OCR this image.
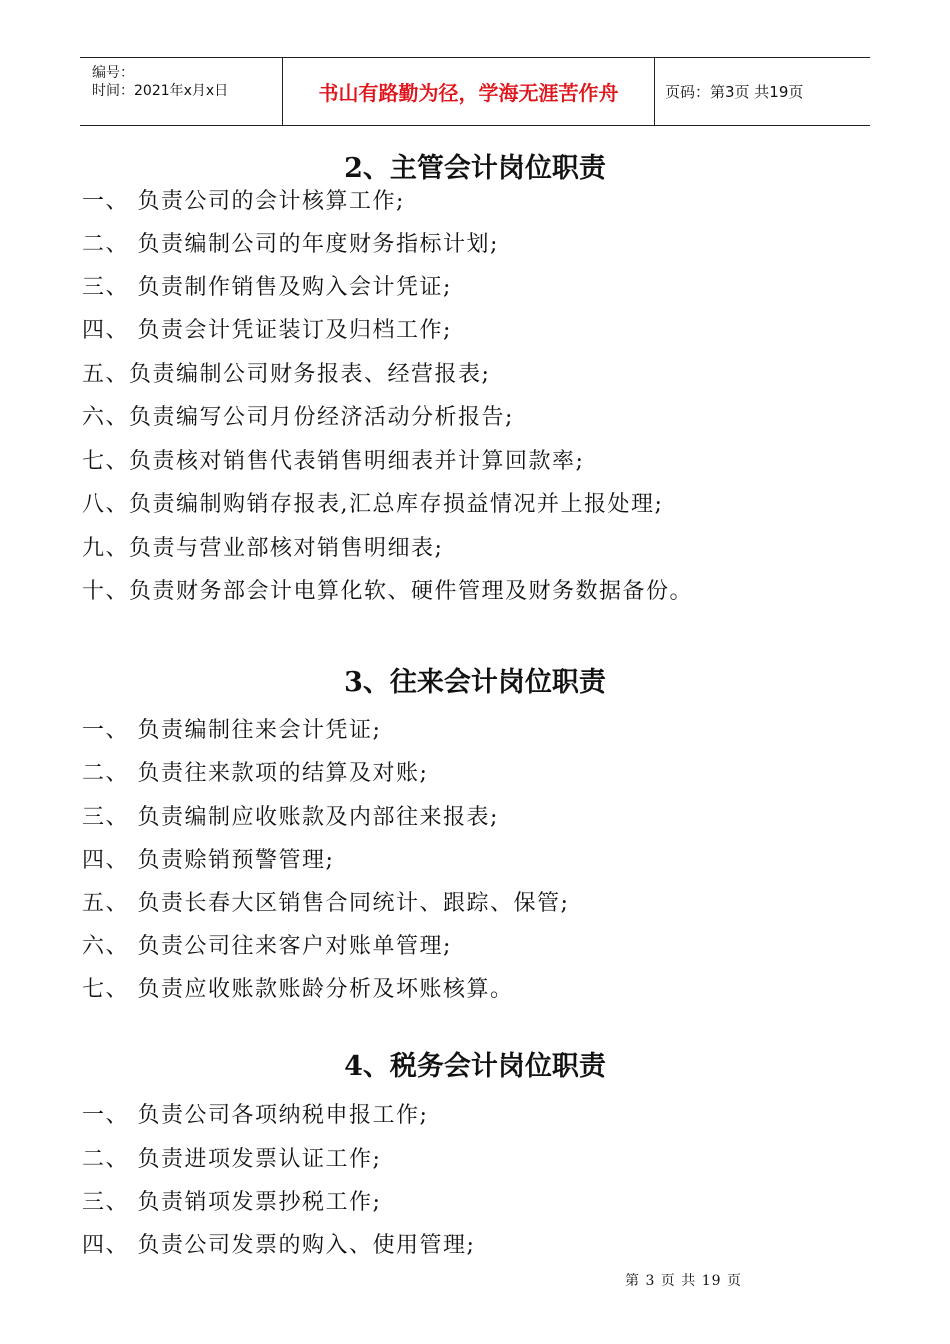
编号：
时间：2021年x月x日	书山有路勤为径，学海无涯苦作舟	页码：第3页 共19页
2、主管会计岗位职责
一、 负责公司的会计核算工作;
二、 负责编制公司的年度财务指标计划;
三、 负责制作销售及购入会计凭证;
四、 负责会计凭证装订及归档工作;
五、负责编制公司财务报表、经营报表;
六、负责编写公司月份经济活动分析报告;
七、负责核对销售代表销售明细表并计算回款率;
八、负责编制购销存报表,汇总库存损益情况并上报处理;
九、负责与营业部核对销售明细表;
十、负责财务部会计电算化软、硬件管理及财务数据备份。
3、往来会计岗位职责
一、 负责编制往来会计凭证;
二、 负责往来款项的结算及对账;
三、 负责编制应收账款及内部往来报表;
四、 负责赊销预警管理;
五、 负责长春大区销售合同统计、跟踪、保管;
六、 负责公司往来客户对账单管理;
七、 负责应收账款账龄分析及坏账核算。
4、税务会计岗位职责
一、 负责公司各项纳税申报工作;
二、 负责进项发票认证工作;
三、 负责销项发票抄税工作;
四、 负责公司发票的购入、使用管理;
第 3 页 共 19 页
